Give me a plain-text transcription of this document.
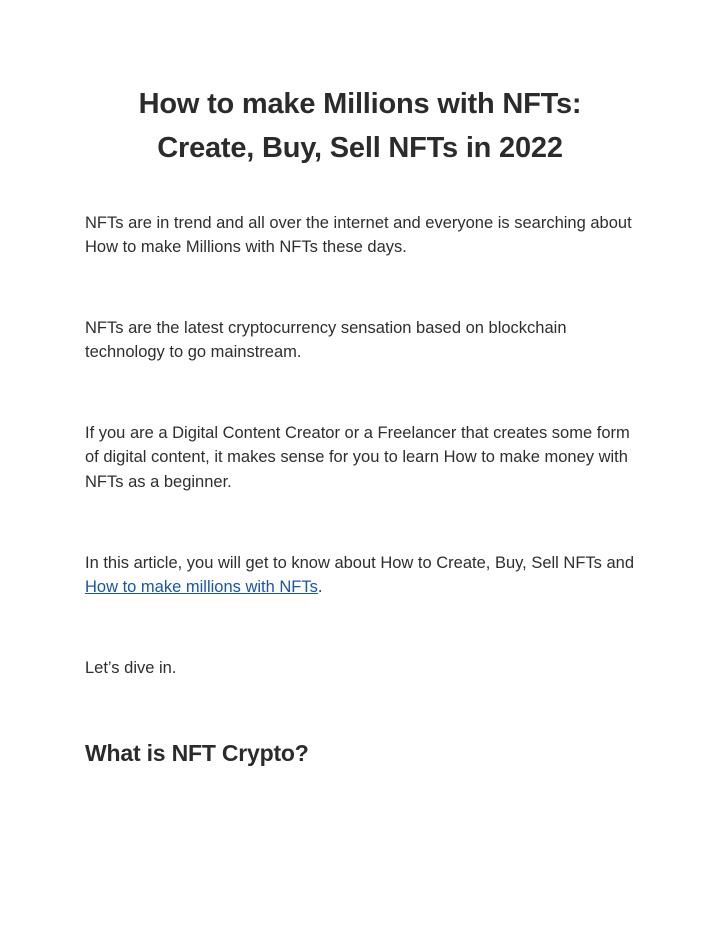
How to make Millions with NFTs:
Create, Buy, Sell NFTs in 2022

NFTs are in trend and all over the internet and everyone is searching about How to make Millions with NFTs these days.

NFTs are the latest cryptocurrency sensation based on blockchain technology to go mainstream.

If you are a Digital Content Creator or a Freelancer that creates some form of digital content, it makes sense for you to learn How to make money with NFTs as a beginner.

In this article, you will get to know about How to Create, Buy, Sell NFTs and How to make millions with NFTs.

Let’s dive in.

What is NFT Crypto?
